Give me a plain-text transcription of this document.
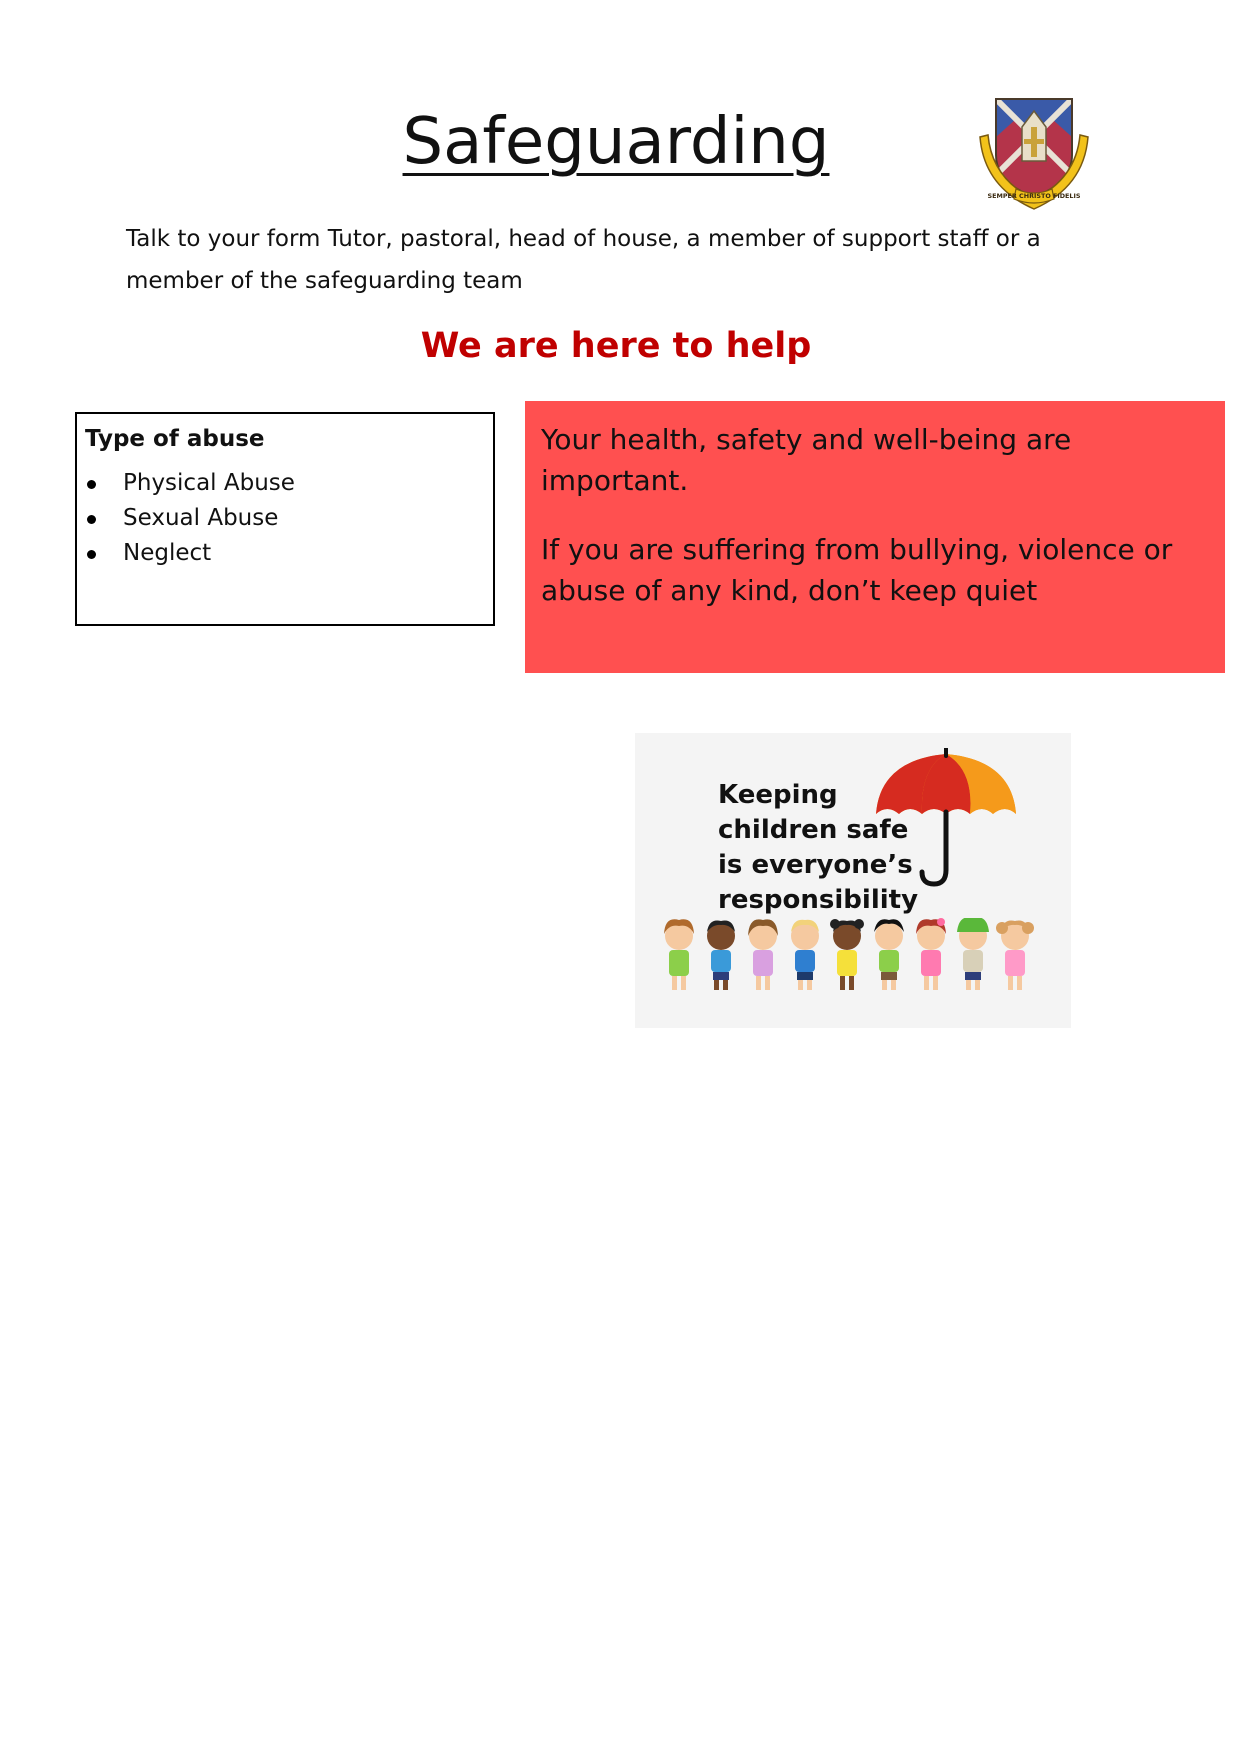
Safeguarding
SEMPER CHRISTO FIDELIS

Talk to your form Tutor, pastoral, head of house, a member of support staff or a member of the safeguarding team

We are here to help

Type of abuse

Physical Abuse
Sexual Abuse
Neglect

Your health, safety and well-being are important.

If you are suffering from bullying, violence or abuse of any kind, don’t keep quiet

Keeping
children safe
is everyone’s
responsibility
